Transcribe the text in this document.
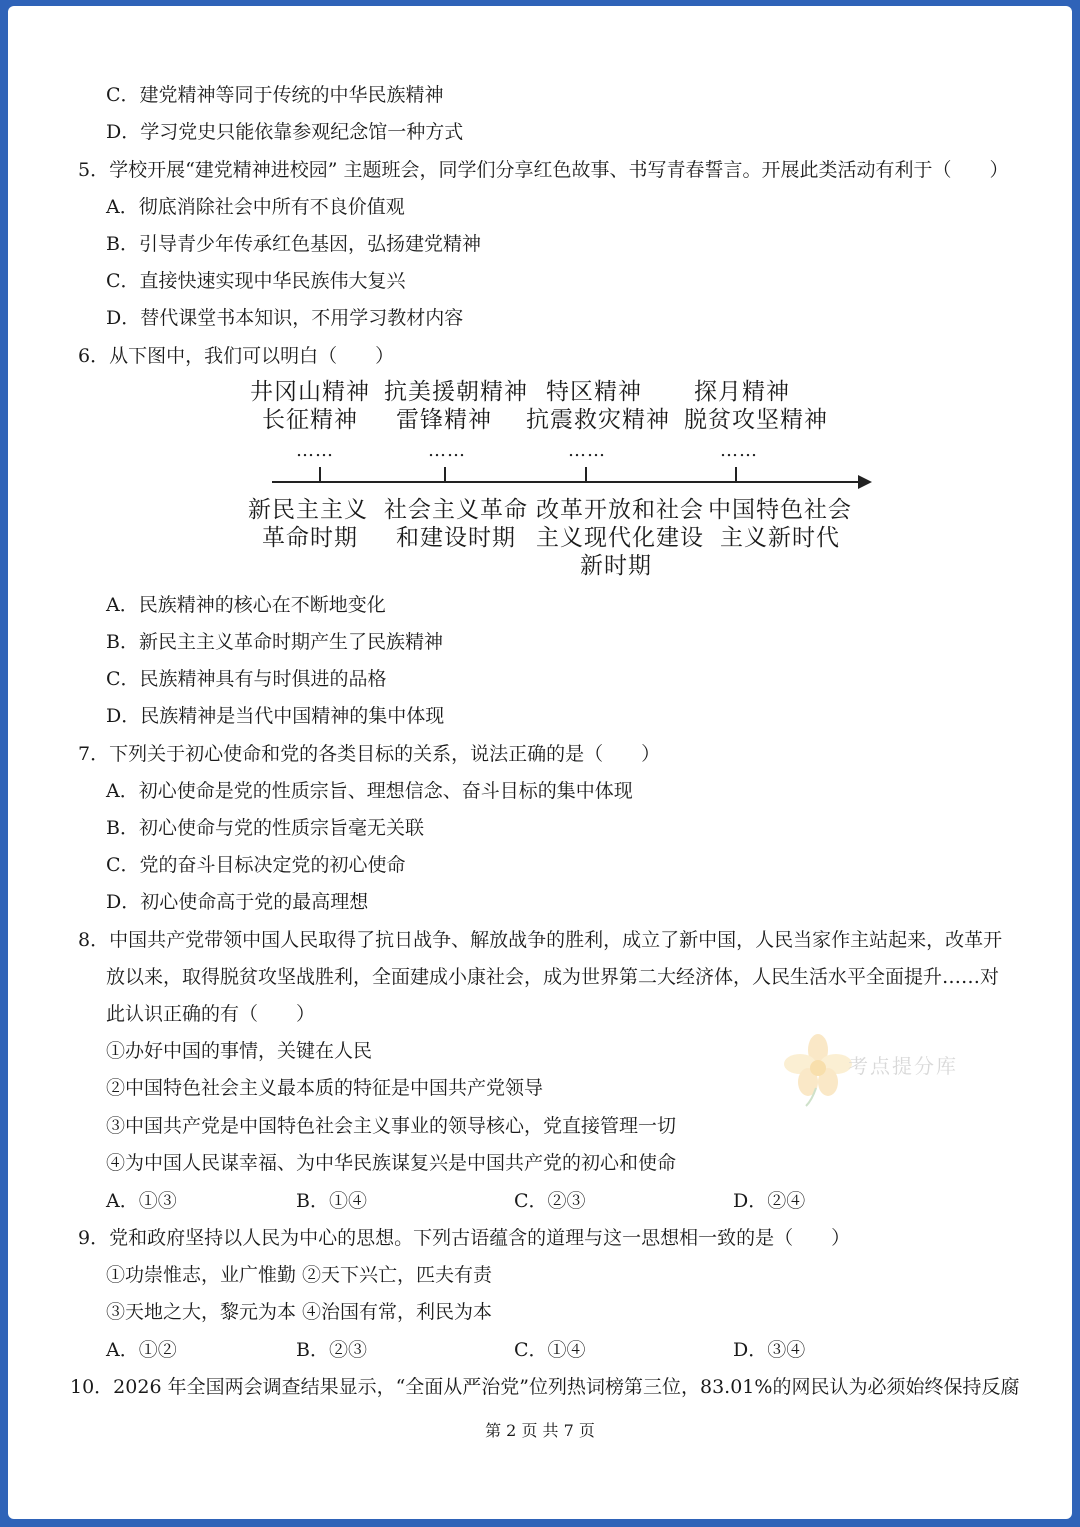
C．建党精神等同于传统的中华民族精神
D．学习党史只能依靠参观纪念馆一种方式
5．学校开展“建党精神进校园” 主题班会，同学们分享红色故事、书写青春誓言。开展此类活动有利于（　　）
A．彻底消除社会中所有不良价值观
B．引导青少年传承红色基因，弘扬建党精神
C．直接快速实现中华民族伟大复兴
D．替代课堂书本知识，不用学习教材内容
6．从下图中，我们可以明白（　　）
井冈山精神
长征精神
……
抗美援朝精神
雷锋精神
……
特区精神
抗震救灾精神
……
探月精神
脱贫攻坚精神
……
新民主主义
革命时期
社会主义革命
和建设时期
改革开放和社会
主义现代化建设
新时期
中国特色社会
主义新时代
A．民族精神的核心在不断地变化
B．新民主主义革命时期产生了民族精神
C．民族精神具有与时俱进的品格
D．民族精神是当代中国精神的集中体现
7．下列关于初心使命和党的各类目标的关系，说法正确的是（　　）
A．初心使命是党的性质宗旨、理想信念、奋斗目标的集中体现
B．初心使命与党的性质宗旨毫无关联
C．党的奋斗目标决定党的初心使命
D．初心使命高于党的最高理想
8．中国共产党带领中国人民取得了抗日战争、解放战争的胜利，成立了新中国，人民当家作主站起来，改革开
放以来，取得脱贫攻坚战胜利，全面建成小康社会，成为世界第二大经济体，人民生活水平全面提升……对
此认识正确的有（　　）
①办好中国的事情，关键在人民
②中国特色社会主义最本质的特征是中国共产党领导
③中国共产党是中国特色社会主义事业的领导核心，党直接管理一切
④为中国人民谋幸福、为中华民族谋复兴是中国共产党的初心和使命
A．①③	B．①④	C．②③	D．②④
9．党和政府坚持以人民为中心的思想。下列古语蕴含的道理与这一思想相一致的是（　　）
①功崇惟志，业广惟勤 ②天下兴亡，匹夫有责
③天地之大，黎元为本 ④治国有常，利民为本
A．①②	B．②③	C．①④	D．③④
10．2026 年全国两会调查结果显示，“全面从严治党”位列热词榜第三位，83.01%的网民认为必须始终保持反腐
第 2 页 共 7 页
考点提分库
